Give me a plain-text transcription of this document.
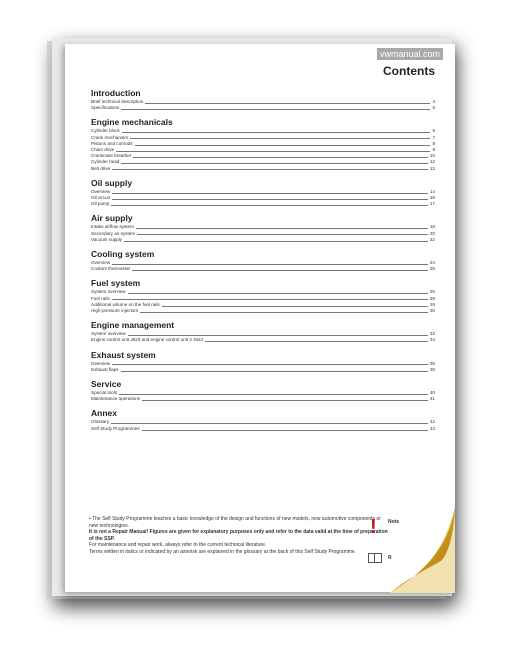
vwmanual.com
Contents
Introduction
Brief technical description	4
Specifications	5
Engine mechanicals
Cylinder block	6
Crank mechanism	7
Pistons and conrods	8
Chain drive	9
Crankcase breather	10
Cylinder head	12
Belt drive	13
Oil supply
Overview	14
Oil circuit	16
Oil pump	17
Air supply
Intake airflow system	18
Secondary air system	20
Vacuum supply	22
Cooling system
Overview	24
Coolant thermostat	25
Fuel system
System overview	26
Fuel rails	28
Additional volume on the fuel rails	29
High-pressure injectors	30
Engine management
System overview	32
Engine control unit J623 and engine control unit 2 J624	34
Exhaust system
Overview	38
Exhaust flaps	39
Service
Special tools	40
Maintenance operations	41
Annex
Glossary	42
Self Study Programmes	43
• The Self Study Programme teaches a basic knowledge of the design and functions of new models, new automotive components or new technologies.
It is not a Repair Manual! Figures are given for explanatory purposes only and refer to the data valid at the time of preparation of the SSP.
For maintenance and repair work, always refer to the current technical literature.
Terms written in italics or indicated by an asterisk are explained in the glossary at the back of this Self Study Programme.
! Note
R
